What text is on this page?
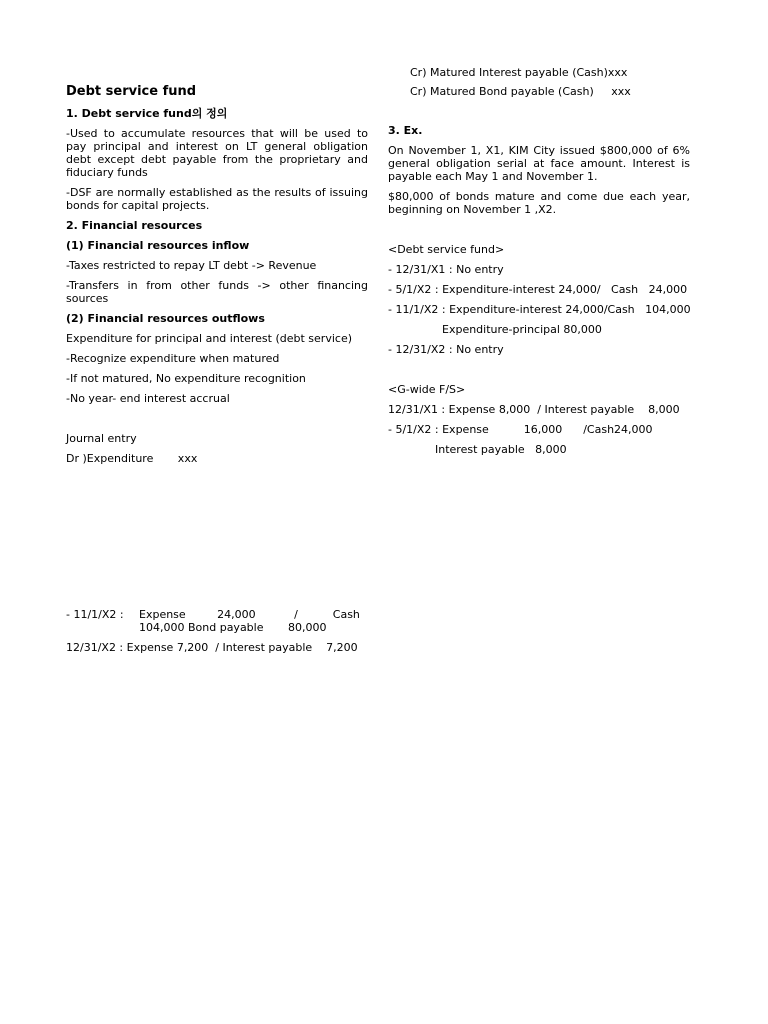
Debt service fund

1. Debt service fund의 정의

-Used to accumulate resources that will be used to pay principal and interest on LT general obligation debt except debt payable from the proprietary and fiduciary funds

-DSF are normally established as the results of issuing bonds for capital projects.

2. Financial resources

(1) Financial resources inflow

-Taxes restricted to repay LT debt -> Revenue

-Transfers in from other funds -> other financing sources

(2) Financial resources outflows

Expenditure for principal and interest (debt service)

-Recognize expenditure when matured

-If not matured, No expenditure recognition

-No year- end interest accrual

Journal entry

Dr )Expenditure       xxx

Cr) Matured Interest payable (Cash)xxx

Cr) Matured Bond payable (Cash)     xxx

3. Ex.

On November 1, X1, KIM City issued $800,000 of 6% general obligation serial at face amount. Interest is payable each May 1 and November 1.

$80,000 of bonds mature and come due each year, beginning on November 1 ,X2.

<Debt service fund>

- 12/31/X1 : No entry

- 5/1/X2 : Expenditure-interest 24,000/   Cash   24,000

- 11/1/X2 : Expenditure-interest 24,000/Cash   104,000

Expenditure-principal 80,000

- 12/31/X2 : No entry

<G-wide F/S>

12/31/X1 : Expense 8,000  / Interest payable    8,000

- 5/1/X2 : Expense          16,000      /Cash24,000

Interest payable   8,000

- 11/1/X2 :	Expense         24,000           /          Cash
104,000 Bond payable       80,000

12/31/X2 : Expense 7,200  / Interest payable    7,200
